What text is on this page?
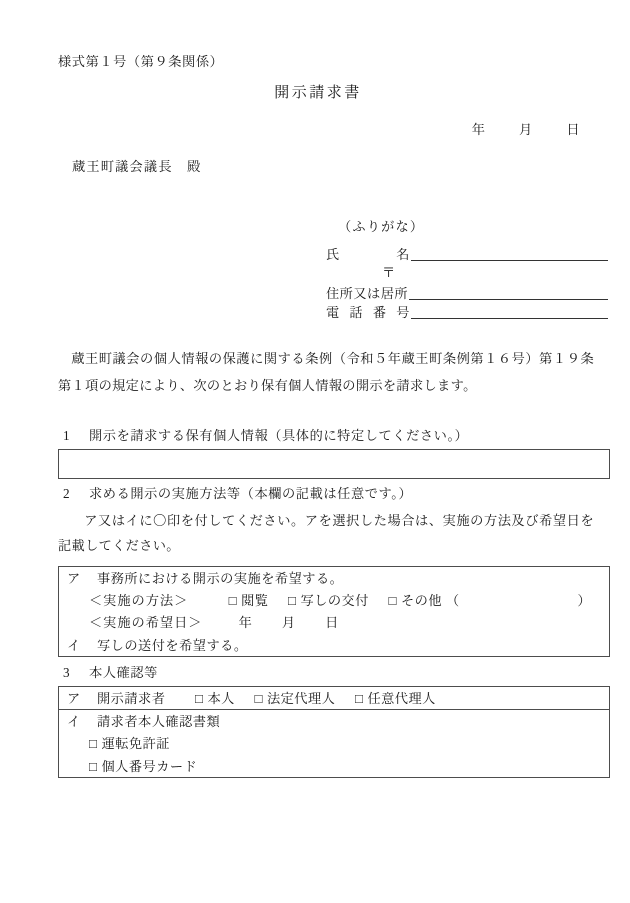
様式第１号（第９条関係）
開示請求書
年	月	日
蔵王町議会議長　殿
（ふりがな）
氏名
〒
住所又は居所
電話番号
蔵王町議会の個人情報の保護に関する条例（令和５年蔵王町条例第１６号）第１９条第１項の規定により、次のとおり保有個人情報の開示を請求します。
1 開示を請求する保有個人情報（具体的に特定してください。）
2 求める開示の実施方法等（本欄の記載は任意です。）
ア又はイに〇印を付してください。アを選択した場合は、実施の方法及び希望日を記載してください。
ア 事務所における開示の実施を希望する。
＜実施の方法＞	□ 閲覧 □ 写しの交付 □ その他 （	）
＜実施の希望日＞	年 月 日
イ 写しの送付を希望する。
3 本人確認等
ア 開示請求者 □ 本人 □ 法定代理人 □ 任意代理人
イ 請求者本人確認書類
□ 運転免許証
□ 個人番号カード
